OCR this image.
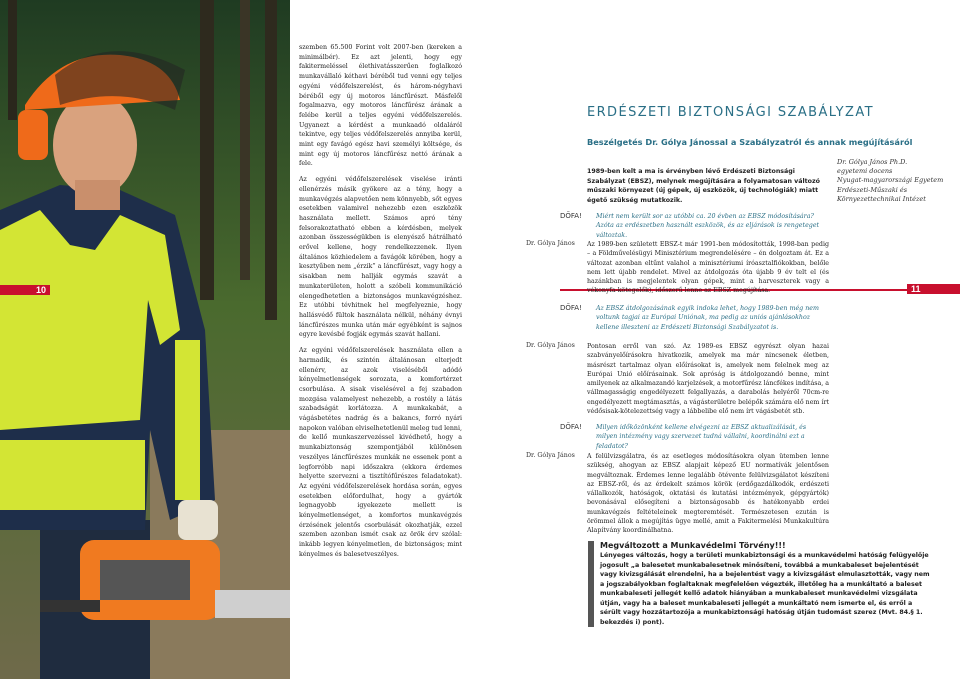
10

szemben 65.500 Forint volt 2007-ben (kereken a minimálbér). Ez azt jelenti, hogy egy fakitermeléssel élethivatásszerűen foglalkozó munkavállaló kéthavi béréből tud venni egy teljes egyéni védőfelszerelést, és három-négyhavi béréből egy új motoros láncfűrészt. Másfelől fogalmazva, egy motoros láncfűrész árának a felébe kerül a teljes egyéni védőfelszerelés. Ugyanezt a kérdést a munkaadó oldaláról tekintve, egy teljes védőfelszerelés annyiba kerül, mint egy favágó egész havi személyi költsége, és mint egy új motoros láncfűrész nettó árának a fele.

Az egyéni védőfelszerelések viselése iránti ellenérzés másik gyökere az a tény, hogy a munkavégzés alapvetően nem könnyebb, sőt egyes esetekben valamivel nehezebb ezen eszközök használata mellett. Számos apró tény felsorakoztatható ebben a kérdésben, melyek azonban összességükben is elenyésző hátrálható erővel kellene, hogy rendelkezzenek. Ilyen általános közhiedelem a favágók körében, hogy a kesztyűben nem „érzik” a láncfűrészt, vagy hogy a sisakban nem hallják egymás szavát a munkaterületen, holott a szóbeli kommunikáció elengedhetetlen a biztonságos munkavégzéshez. Ez utóbbi tévhitnek hel megfelyeznie, hogy hallásvédő fültok használata nélkül, néhány évnyi láncfűrészes munka után már egyébként is sajnos egyre kevésbé fogják egymás szavát hallani.

Az egyéni védőfelszerelések használata ellen a harmadik, és szintén általánosan elterjedt ellenérv, az azok viseléséből adódó kényelmetlenségek sorozata, a komfortérzet csorbulása. A sisak viselésével a fej szabadon mozgása valamelyest nehezebb, a rostély a látás szabadságát korlátozza. A munkakabát, a vágásbetétes nadrág és a bakancs, forró nyári napokon valóban elviselhetetlenül meleg tud lenni, de kellő munkaszervezéssel kivédhető, hogy a munkabiztonság szempontjából különösen veszélyes láncfűrészes munkák ne essenek pont a legforróbb napi időszakra (ekkora érdemes helyette szervezni a tisztítófűrészes feladatokat). Az egyéni védőfelszerelések hordása során, egyes esetekben előfordulhat, hogy a gyártók legnagyobb igyekezete mellett is kényelmetlenséget, a komfortos munkavégzés érzésének jelentős csorbulását okozhatják, ezzel szemben azonban ismét csak az örök érv szólal: inkább legyen kényelmetlen, de biztonságos; mint kényelmes és balesetveszélyes.

11
ERDÉSZETI BIZTONSÁGI SZABÁLYZAT
Beszélgetés Dr. Gólya Jánossal a Szabályzatról és annak megújításáról
1989-ben kelt a ma is érvényben lévő Erdészeti Biztonsági Szabályzat (EBSZ), melynek megújítására a folyamatosan változó műszaki környezet (új gépek, új eszközök, új technológiák) miatt égető szükség mutatkozik.
Dr. Gólya János Ph.D.
egyetemi docens
Nyugat-magyarországi Egyetem
Erdészeti-Műszaki és Környezettechnikai Intézet
DŐFA! Miért nem került sor az utóbbi ca. 20 évben az EBSZ módosítására? Azóta az erdészetben használt eszközök, és az eljárások is rengeteget változtak.
Dr. Gólya János Az 1989-ben született EBSZ-t már 1991-ben módosították, 1998-ban pedig – a Földművelésügyi Minisztérium megrendelésére – én dolgoztam át. Ez a változat azonban eltűnt valahol a minisztériumi íróasztalfiókokban, belőle nem lett újabb rendelet. Mivel az átdolgozás óta újabb 9 év telt el (és hazánkban is megjelentek olyan gépek, mint a harveszterek vagy a vékonyfa-kötegelők), időszerű lenne az EBSZ megújítása.
DŐFA! Az EBSZ átdolgozásának egyik indoka lehet, hogy 1989-ben még nem voltunk tagjai az Európai Uniónak, ma pedig az uniós ajánlásokhoz kellene illeszteni az Erdészeti Biztonsági Szabályzatot is.
Dr. Gólya János Pontosan erről van szó. Az 1989-es EBSZ egyrészt olyan hazai szabványelőírásokra hivatkozik, amelyek ma már nincsenek életben, másrészt tartalmaz olyan előírásokat is, amelyek nem felelnek meg az Európai Unió előírásainak. Sok apróság is átdolgozandó benne, mint amilyenek az alkalmazandó karjelzések, a motorfűrész láncfékes indítása, a vállmagasságig engedélyezett felgallyazás, a darabolás helyéről 70cm-re engedélyezett megtámasztás, a vágásterületre belépők számára elő nem írt védősisak-kötelezettség vagy a lábbelibe elő nem írt vágásbetét stb.
DŐFA! Milyen időközönként kellene elvégezni az EBSZ aktualizálását, és milyen intézmény vagy szervezet tudná vállalni, koordinálni ezt a feladatot?
Dr. Gólya János A felülvizsgálatra, és az esetleges módosításokra olyan ütemben lenne szükség, ahogyan az EBSZ alapjait képező EU normatívák jelentősen megváltoznak. Érdemes lenne legalább ötévente felülvizsgálatot készíteni az EBSZ-ről, és az érdekelt számos körök (erdőgazdálkodók, erdészeti vállalkozók, hatóságok, oktatási és kutatási intézmények, gépgyártók) bevonásával elősegíteni a biztonságosabb és hatékonyabb erdei munkavégzés feltételeinek megteremtését. Természetesen ezután is örömmel állok a megújítás ügye mellé, amit a Fakitermelési Munkakultúra Alapítvány koordinálhatna.
Megváltozott a Munkavédelmi Törvény!!!
Lényeges változás, hogy a területi munkabiztonsági és a munkavédelmi hatóság felügyelője jogosult „a balesetet munkabalesetnek minősíteni, továbbá a munkabaleset bejelentését vagy kivizsgálását elrendelni, ha a bejelentést vagy a kivizsgálást elmulasztották, vagy nem a jogszabályokban foglaltaknak megfelelően végezték, illetőleg ha a munkáltató a baleset munkabaleseti jellegét kellő adatok hiányában a munkabaleset munkavédelmi vizsgálata útján, vagy ha a baleset munkabaleseti jellegét a munkáltató nem ismerte el, és erről a sérült vagy hozzátartozója a munkabiztonsági hatóság útján tudomást szerez (Mvt. 84.§ 1. bekezdés i) pont).
